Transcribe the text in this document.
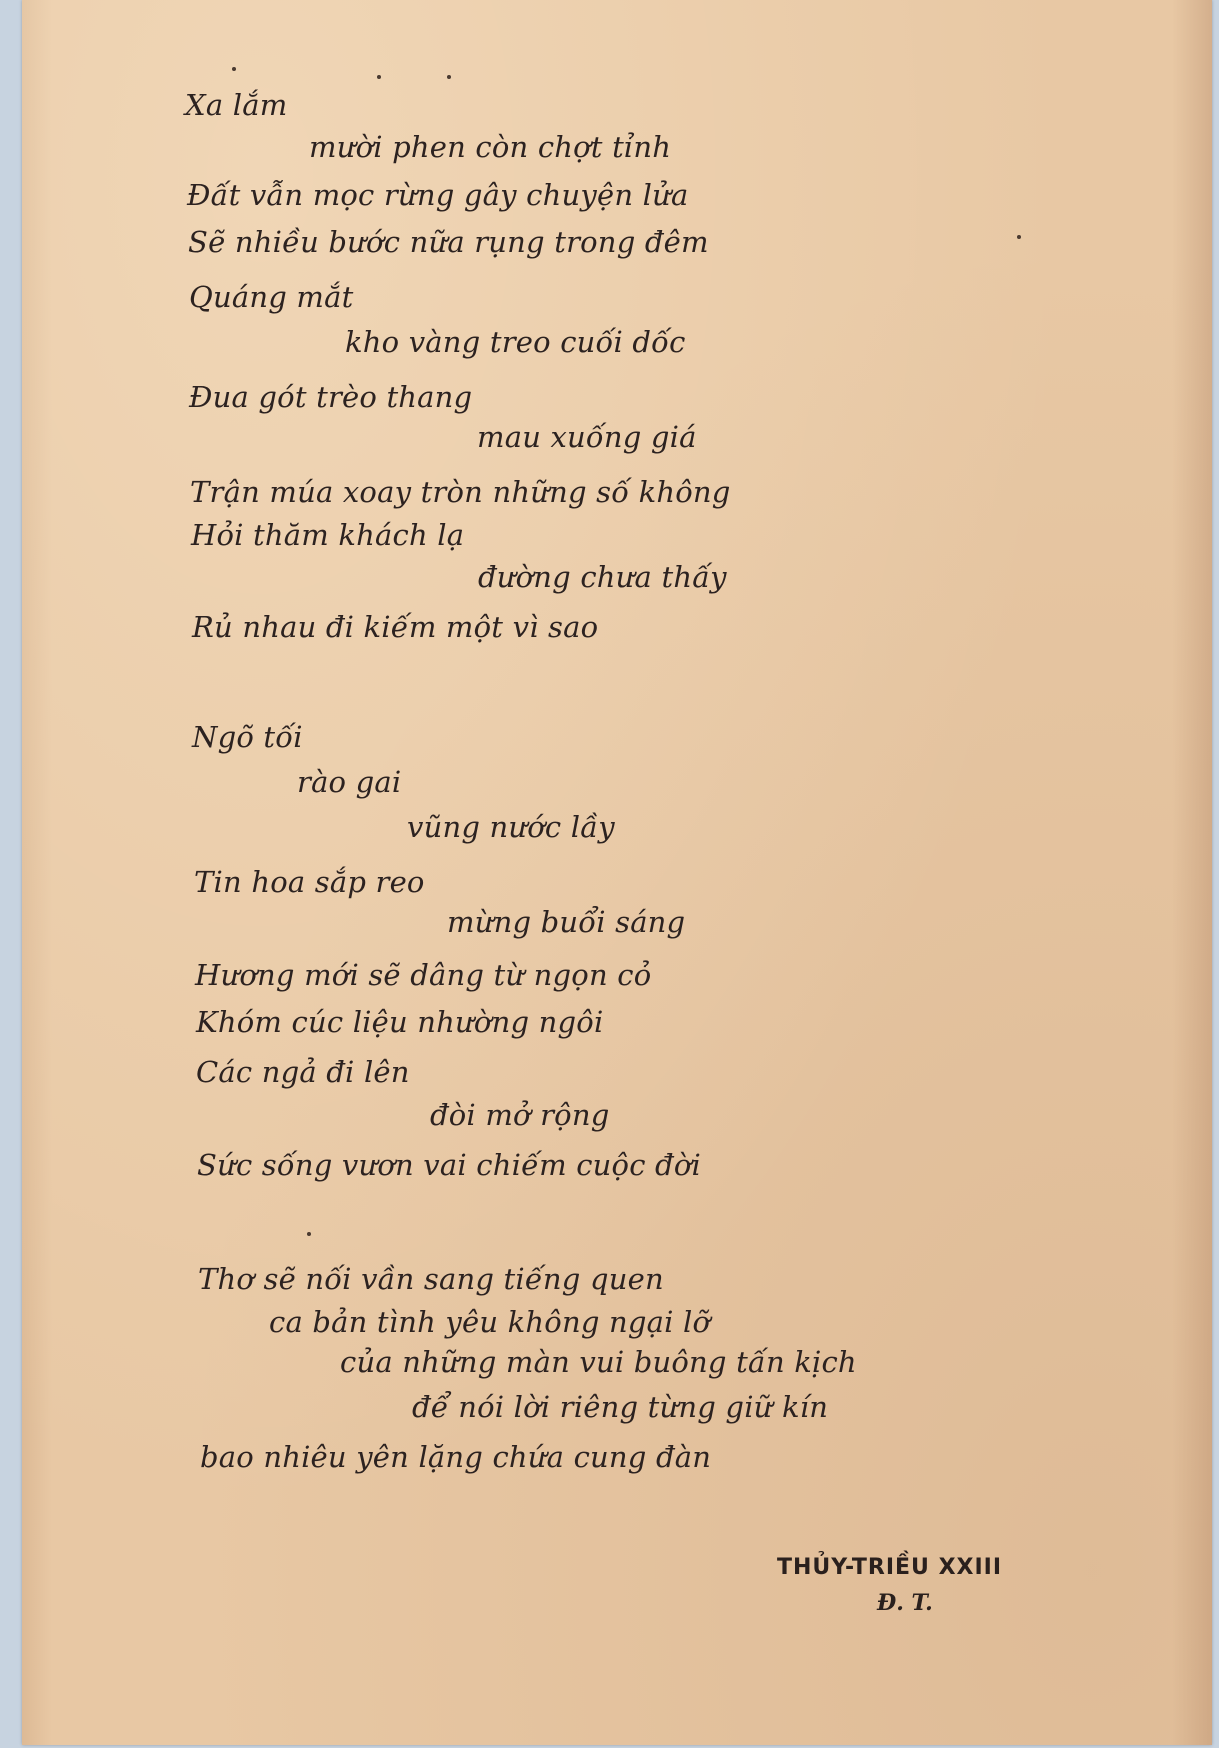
Xa lắm
mười phen còn chợt tỉnh
Đất vẫn mọc rừng gây chuyện lửa
Sẽ nhiều bước nữa rụng trong đêm
Quáng mắt
kho vàng treo cuối dốc
Đua gót trèo thang
mau xuống giá
Trận múa xoay tròn những số không
Hỏi thăm khách lạ
đường chưa thấy
Rủ nhau đi kiếm một vì sao
Ngõ tối
rào gai
vũng nước lầy
Tin hoa sắp reo
mừng buổi sáng
Hương mới sẽ dâng từ ngọn cỏ
Khóm cúc liệu nhường ngôi
Các ngả đi lên
đòi mở rộng
Sức sống vươn vai chiếm cuộc đời
Thơ sẽ nối vần sang tiếng quen
ca bản tình yêu không ngại lỡ
của những màn vui buông tấn kịch
để nói lời riêng từng giữ kín
bao nhiêu yên lặng chứa cung đàn
THỦY-TRIỀU XXIII
Đ. T.
